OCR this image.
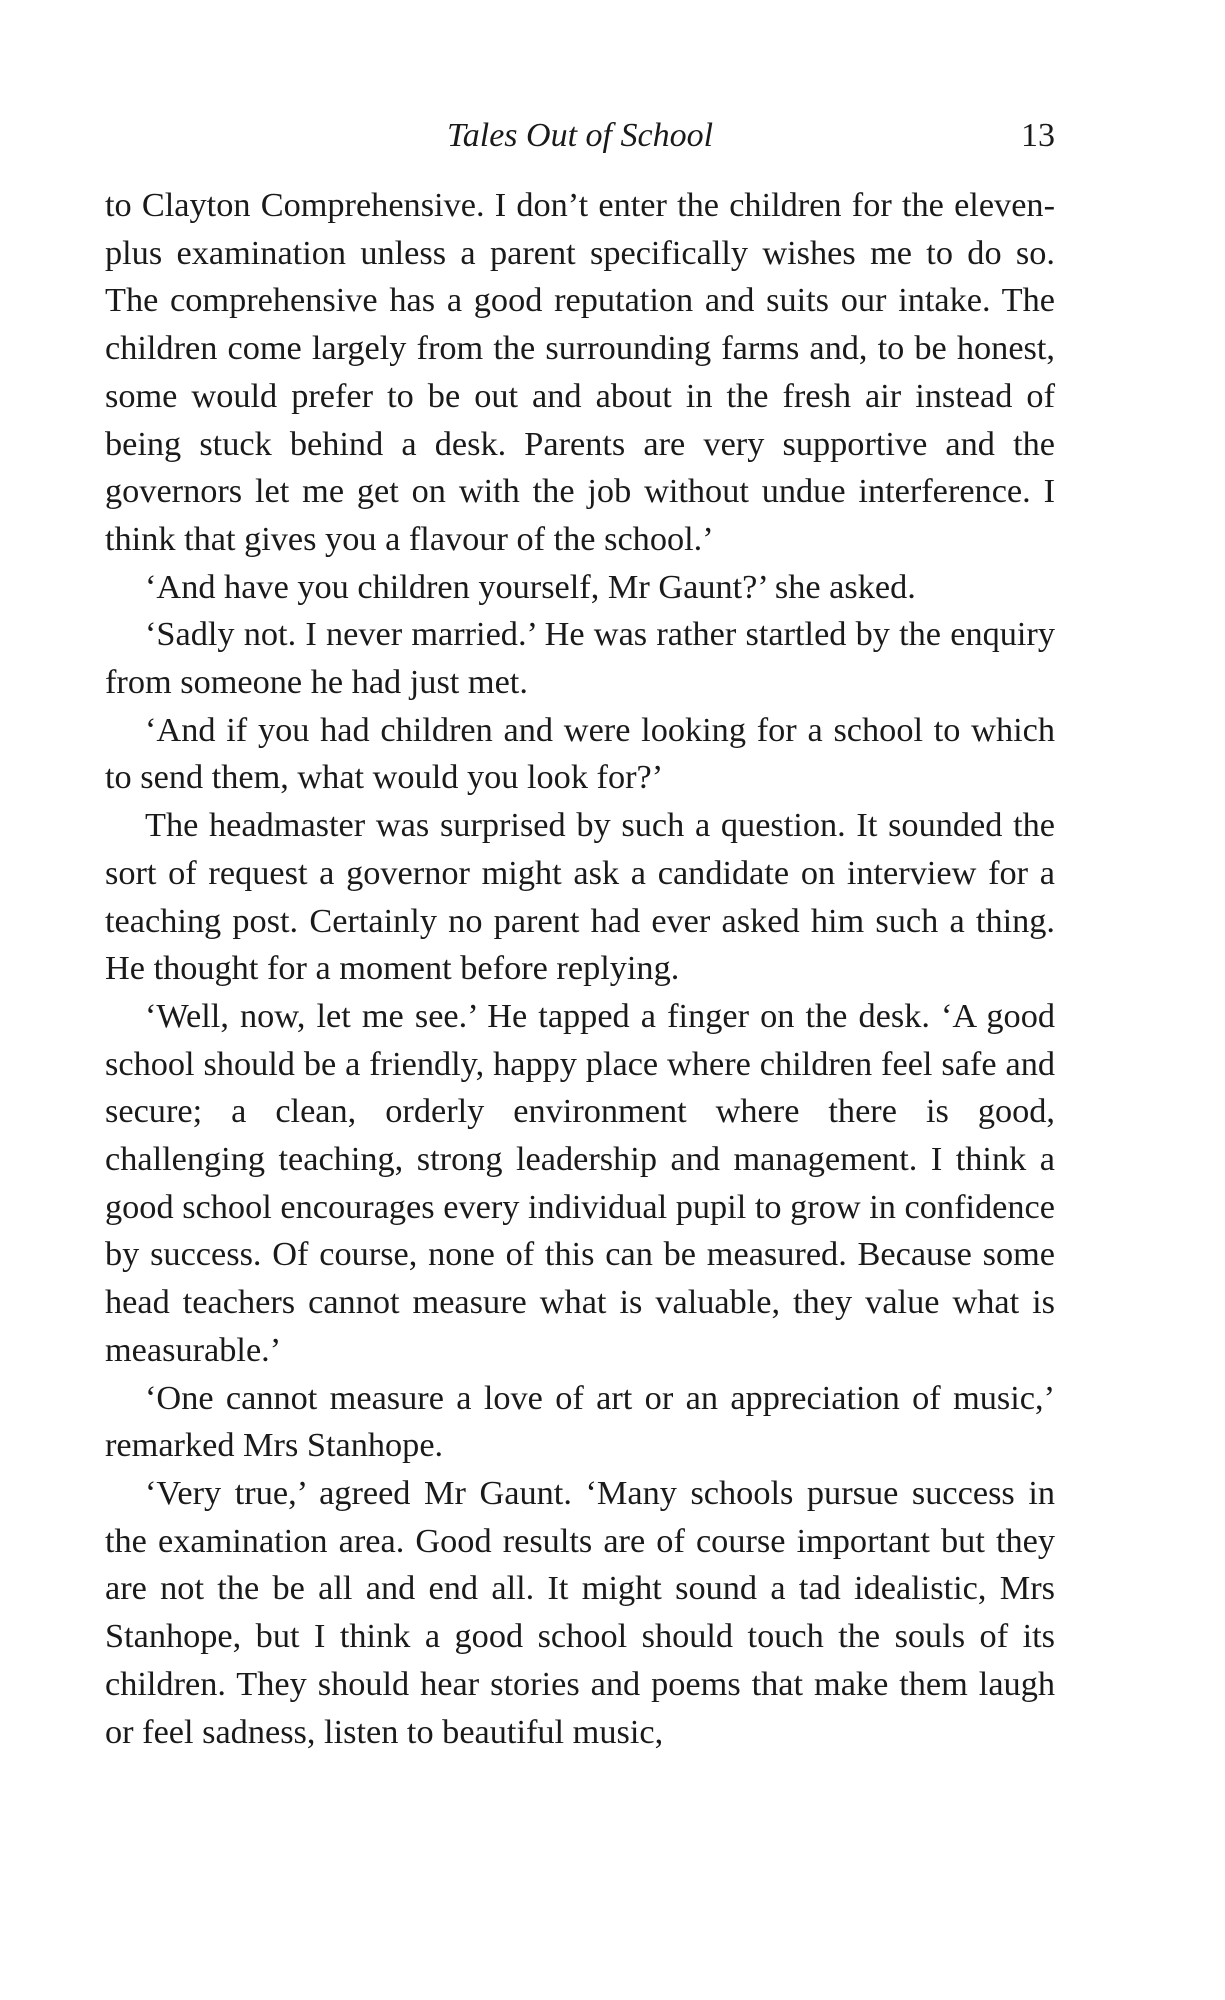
Tales Out of School	13

to Clayton Comprehensive. I don’t enter the children for the eleven-plus examination unless a parent specifically wishes me to do so. The comprehensive has a good reputation and suits our intake. The children come largely from the surrounding farms and, to be honest, some would prefer to be out and about in the fresh air instead of being stuck behind a desk. Parents are very supportive and the governors let me get on with the job without undue interference. I think that gives you a flavour of the school.’

‘And have you children yourself, Mr Gaunt?’ she asked.

‘Sadly not. I never married.’ He was rather startled by the enquiry from someone he had just met.

‘And if you had children and were looking for a school to which to send them, what would you look for?’

The headmaster was surprised by such a question. It sounded the sort of request a governor might ask a candidate on interview for a teaching post. Certainly no parent had ever asked him such a thing. He thought for a moment before replying.

‘Well, now, let me see.’ He tapped a finger on the desk. ‘A good school should be a friendly, happy place where children feel safe and secure; a clean, orderly environment where there is good, challenging teaching, strong leadership and management. I think a good school encourages every individual pupil to grow in confidence by success. Of course, none of this can be measured. Because some head teachers cannot measure what is valuable, they value what is measurable.’

‘One cannot measure a love of art or an appreciation of music,’ remarked Mrs Stanhope.

‘Very true,’ agreed Mr Gaunt. ‘Many schools pursue success in the examination area. Good results are of course important but they are not the be all and end all. It might sound a tad idealistic, Mrs Stanhope, but I think a good school should touch the souls of its children. They should hear stories and poems that make them laugh or feel sadness, listen to beautiful music,
